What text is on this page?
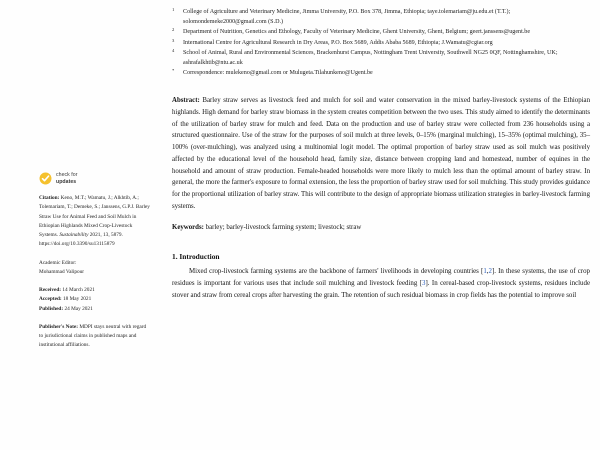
check for
updates
Citation: Keno, M.T.; Wamatu, J.; Alkhtib, A.; Tolemariam, T.; Demeke, S.; Janssens, G.P.J. Barley Straw Use for Animal Feed and Soil Mulch in Ethiopian Highlands Mixed Crop-Livestock Systems. Sustainability 2021, 13, 5879. https://doi.org/10.3390/su13115879
Academic Editor:
Mohammad Valipour
Received: 14 March 2021
Accepted: 18 May 2021
Published: 24 May 2021
Publisher's Note: MDPI stays neutral with regard to jurisdictional claims in published maps and institutional affiliations.
1	College of Agriculture and Veterinary Medicine, Jimma University, P.O. Box 378, Jimma, Ethiopia; taye.tolemariam@ju.edu.et (T.T.); solomondemeke2000@gmail.com (S.D.)
2	Department of Nutrition, Genetics and Ethology, Faculty of Veterinary Medicine, Ghent University, Ghent, Belgium; geert.janssens@ugent.be
3	International Centre for Agricultural Research in Dry Areas, P.O. Box 5689, Addis Ababa 5689, Ethiopia; J.Wamatu@cgiar.org
4	School of Animal, Rural and Environmental Sciences, Brackenhurst Campus, Nottingham Trent University, Southwell NG25 0QF, Nottinghamshire, UK; ashrafalkhtib@ntu.ac.uk
*	Correspondence: mulekeno@gmail.com or Mulugeta.Tilahunkeno@Ugent.be
Abstract: Barley straw serves as livestock feed and mulch for soil and water conservation in the mixed barley-livestock systems of the Ethiopian highlands. High demand for barley straw biomass in the system creates competition between the two uses. This study aimed to identify the determinants of the utilization of barley straw for mulch and feed. Data on the production and use of barley straw were collected from 236 households using a structured questionnaire. Use of the straw for the purposes of soil mulch at three levels, 0–15% (marginal mulching), 15–35% (optimal mulching), 35–100% (over-mulching), was analyzed using a multinomial logit model. The optimal proportion of barley straw used as soil mulch was positively affected by the educational level of the household head, family size, distance between cropping land and homestead, number of equines in the household and amount of straw production. Female-headed households were more likely to mulch less than the optimal amount of barley straw. In general, the more the farmer's exposure to formal extension, the less the proportion of barley straw used for soil mulching. This study provides guidance for the proportional utilization of barley straw. This will contribute to the design of appropriate biomass utilization strategies in barley-livestock farming systems.
Keywords: barley; barley-livestock farming system; livestock; straw
1. Introduction
Mixed crop-livestock farming systems are the backbone of farmers' livelihoods in developing countries [1,2]. In these systems, the use of crop residues is important for various uses that include soil mulching and livestock feeding [3]. In cereal-based crop-livestock systems, residues include stover and straw from cereal crops after harvesting the grain. The retention of such residual biomass in crop fields has the potential to improve soil
